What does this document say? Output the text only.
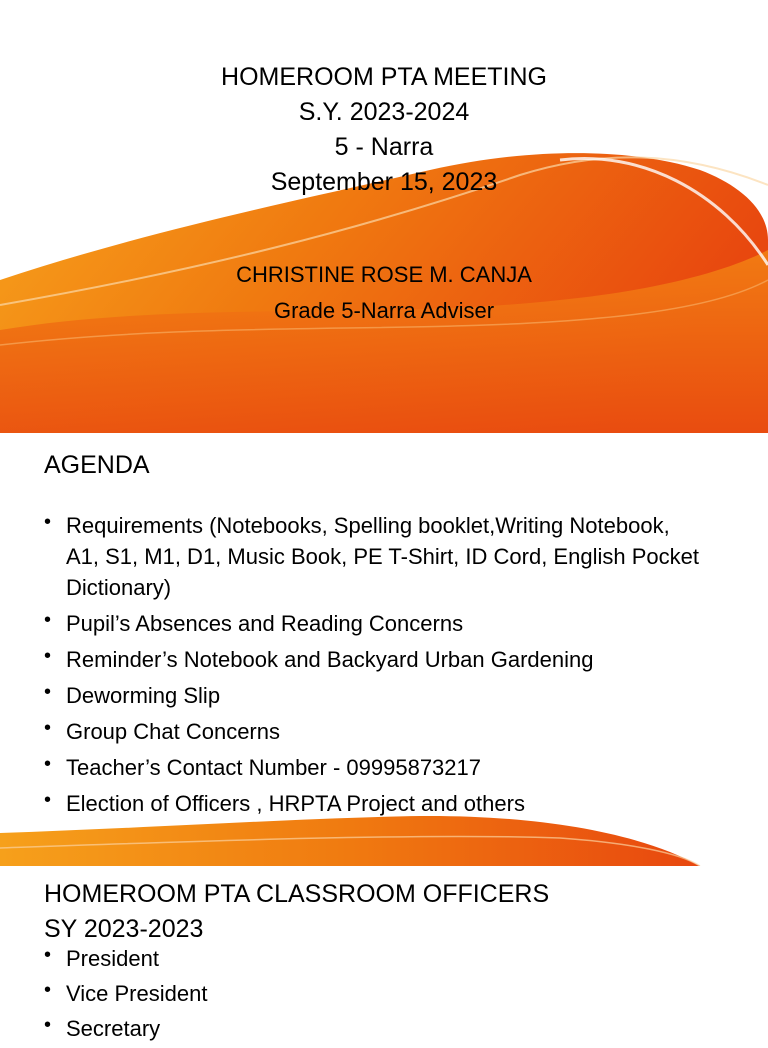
HOMEROOM PTA MEETING
S.Y. 2023-2024
5 - Narra
September 15, 2023
CHRISTINE ROSE M. CANJA
Grade 5-Narra Adviser
AGENDA
• Requirements (Notebooks, Spelling booklet,Writing Notebook, A1, S1, M1, D1, Music Book, PE T-Shirt, ID Cord, English Pocket Dictionary)
• Pupil’s Absences and Reading Concerns
• Reminder’s Notebook and Backyard Urban Gardening
• Deworming Slip
• Group Chat Concerns
• Teacher’s Contact Number - 09995873217
• Election of Officers , HRPTA Project and others
HOMEROOM PTA CLASSROOM OFFICERS
SY 2023-2023
• President
• Vice President
• Secretary
